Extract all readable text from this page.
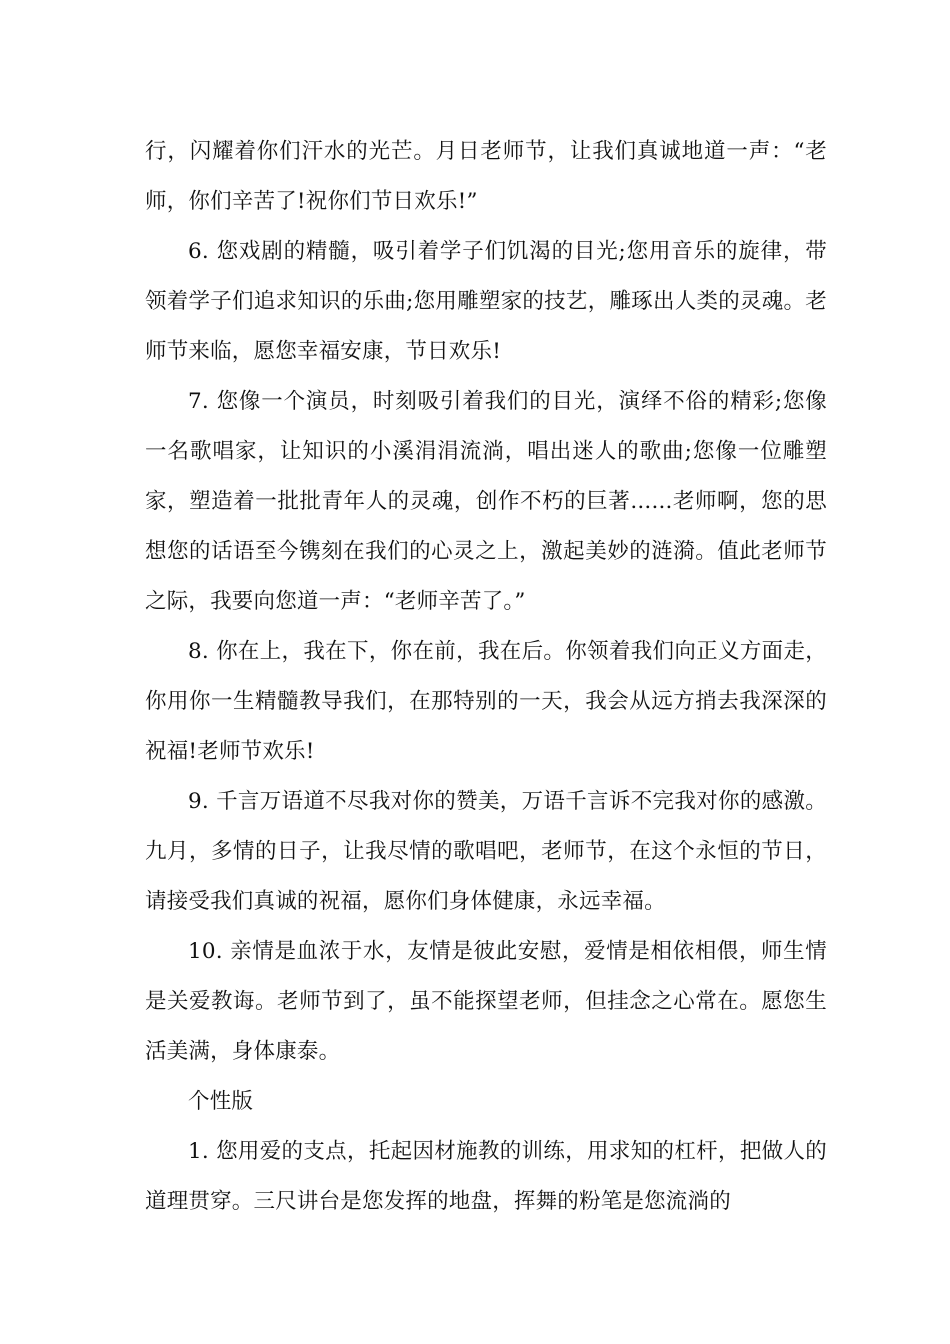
行，闪耀着你们汗水的光芒。月日老师节，让我们真诚地道一声：“老师，你们辛苦了!祝你们节日欢乐!”

6. 您戏剧的精髓，吸引着学子们饥渴的目光;您用音乐的旋律，带领着学子们追求知识的乐曲;您用雕塑家的技艺，雕琢出人类的灵魂。老师节来临，愿您幸福安康，节日欢乐!

7. 您像一个演员，时刻吸引着我们的目光，演绎不俗的精彩;您像一名歌唱家，让知识的小溪涓涓流淌，唱出迷人的歌曲;您像一位雕塑家，塑造着一批批青年人的灵魂，创作不朽的巨著......老师啊，您的思想您的话语至今镌刻在我们的心灵之上，激起美妙的涟漪。值此老师节之际，我要向您道一声：“老师辛苦了。”

8. 你在上，我在下，你在前，我在后。你领着我们向正义方面走，你用你一生精髓教导我们，在那特别的一天，我会从远方捎去我深深的祝福!老师节欢乐!

9. 千言万语道不尽我对你的赞美，万语千言诉不完我对你的感激。九月，多情的日子，让我尽情的歌唱吧，老师节，在这个永恒的节日，请接受我们真诚的祝福，愿你们身体健康，永远幸福。

10. 亲情是血浓于水，友情是彼此安慰，爱情是相依相偎，师生情是关爱教诲。老师节到了，虽不能探望老师，但挂念之心常在。愿您生活美满，身体康泰。

个性版

1. 您用爱的支点，托起因材施教的训练，用求知的杠杆，把做人的道理贯穿。三尺讲台是您发挥的地盘，挥舞的粉笔是您流淌的
